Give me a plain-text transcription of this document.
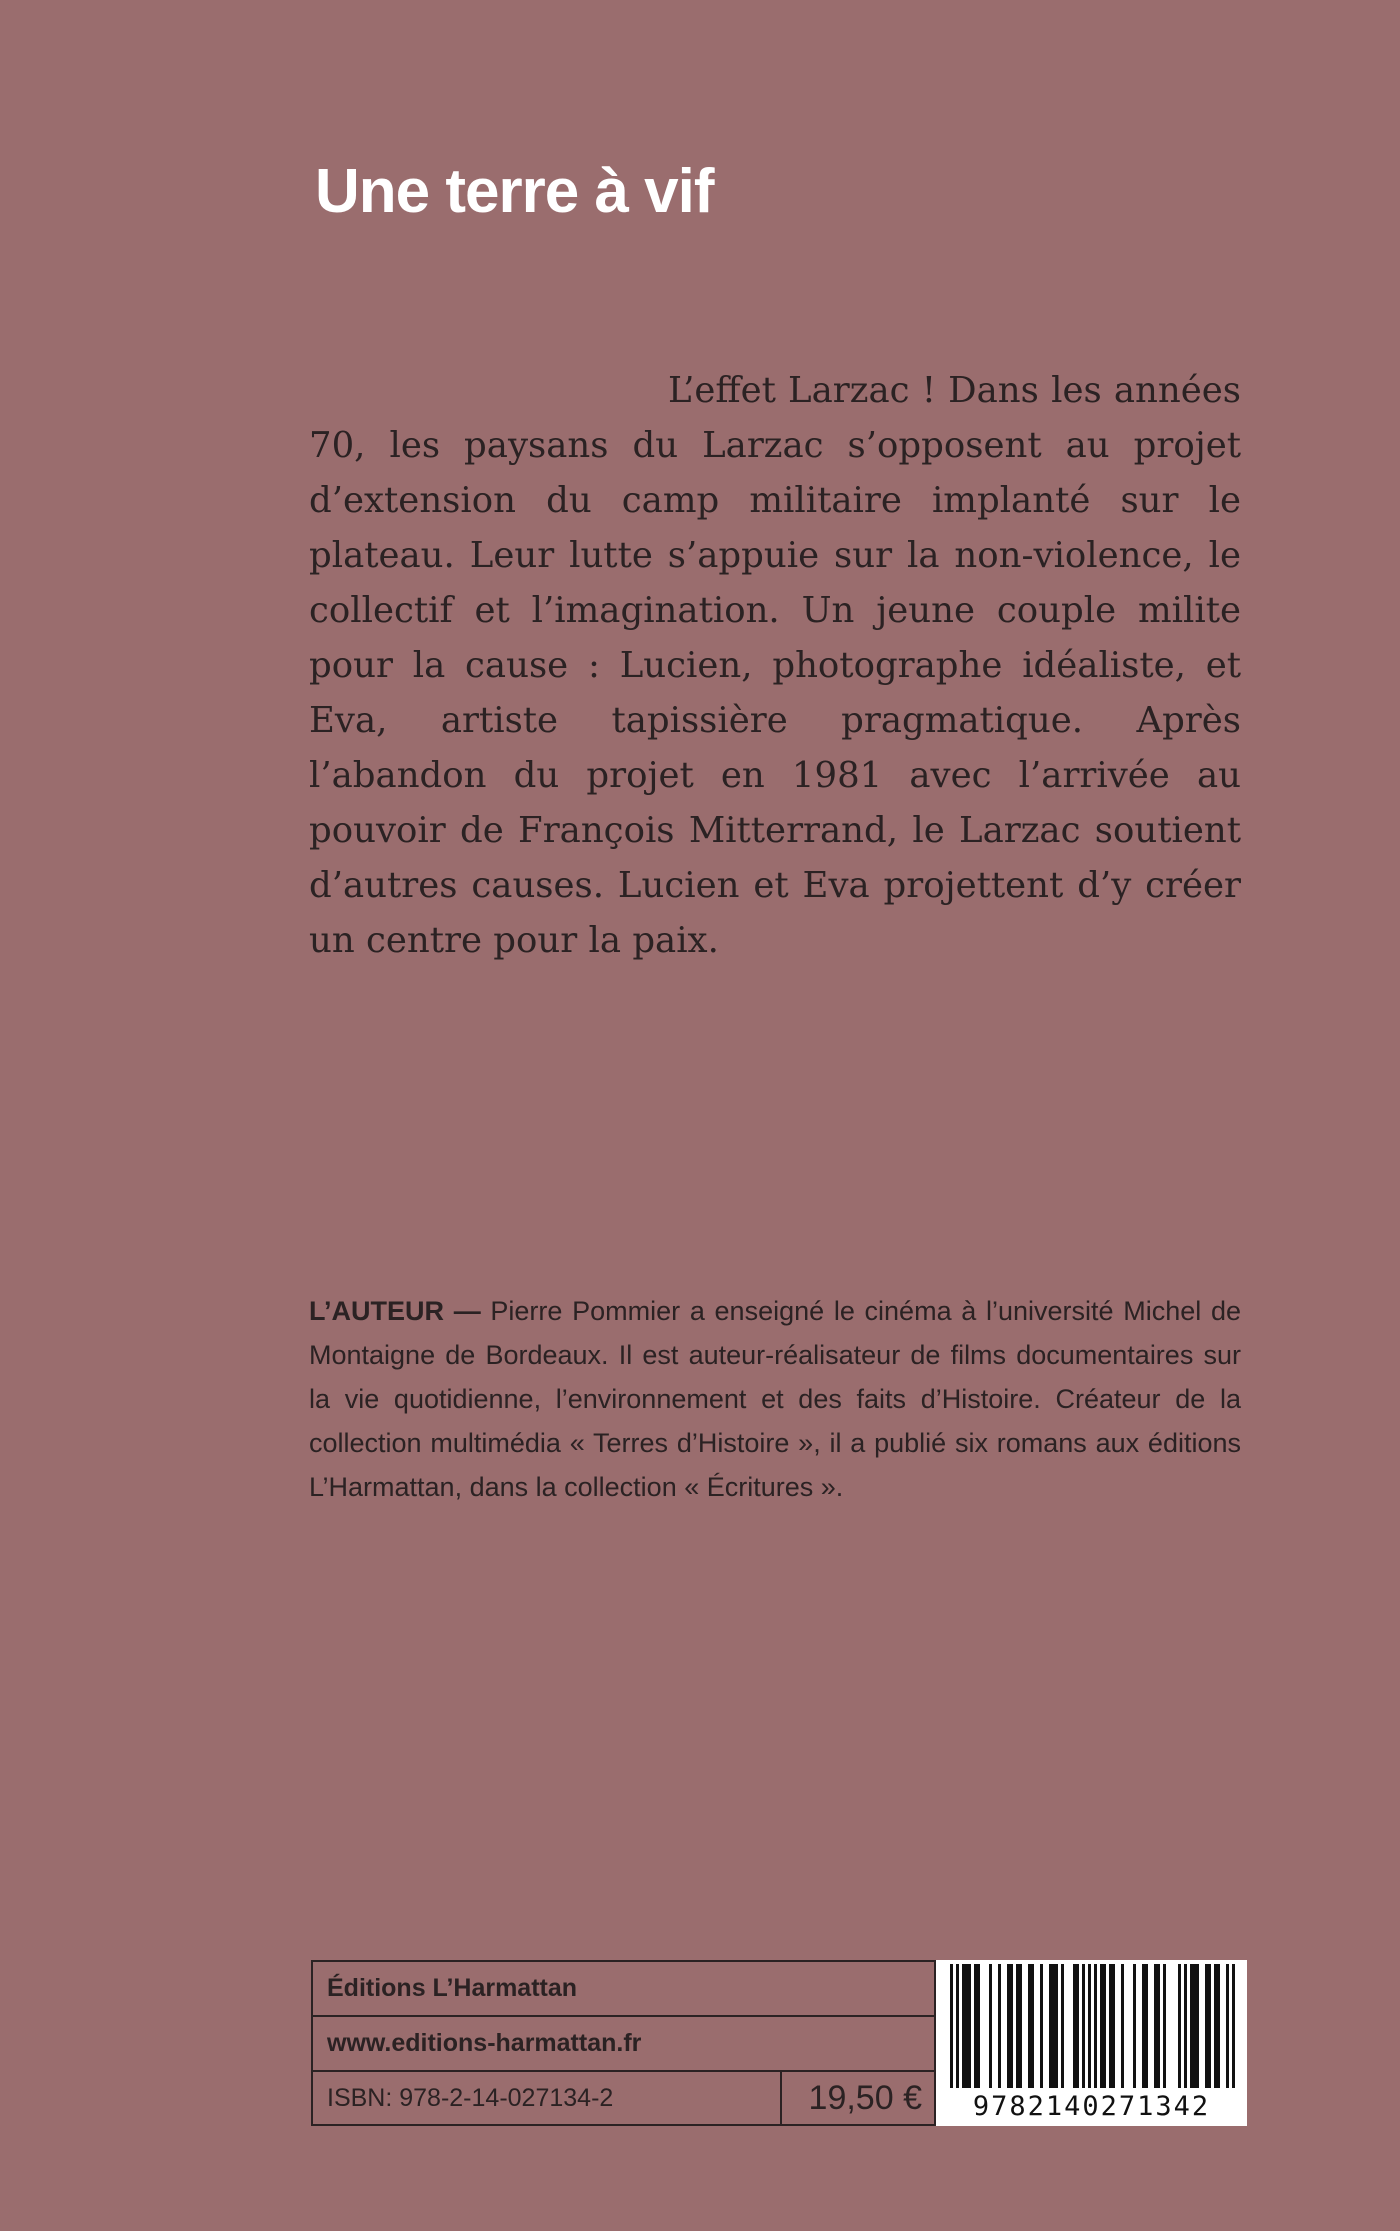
Une terre à vif

L’effet Larzac ! Dans les années 70, les paysans du Larzac s’opposent au projet d’extension du camp militaire implanté sur le plateau. Leur lutte s’appuie sur la non-violence, le collectif et l’imagination. Un jeune couple milite pour la cause : Lucien, photographe idéaliste, et Eva, artiste tapissière pragmatique. Après l’abandon du projet en 1981 avec l’arrivée au pouvoir de François Mitterrand, le Larzac soutient d’autres causes. Lucien et Eva projettent d’y créer un centre pour la paix.

L’AUTEUR — Pierre Pommier a enseigné le cinéma à l’université Michel de Montaigne de Bordeaux. Il est auteur-réalisateur de films documentaires sur la vie quotidienne, l’environnement et des faits d’Histoire. Créateur de la collection multimédia « Terres d’Histoire », il a publié six romans aux éditions L’Harmattan, dans la collection « Écritures ».

Éditions L’Harmattan
www.editions-harmattan.fr
ISBN: 978-2-14-027134-2	19,50 €	9782140271342
